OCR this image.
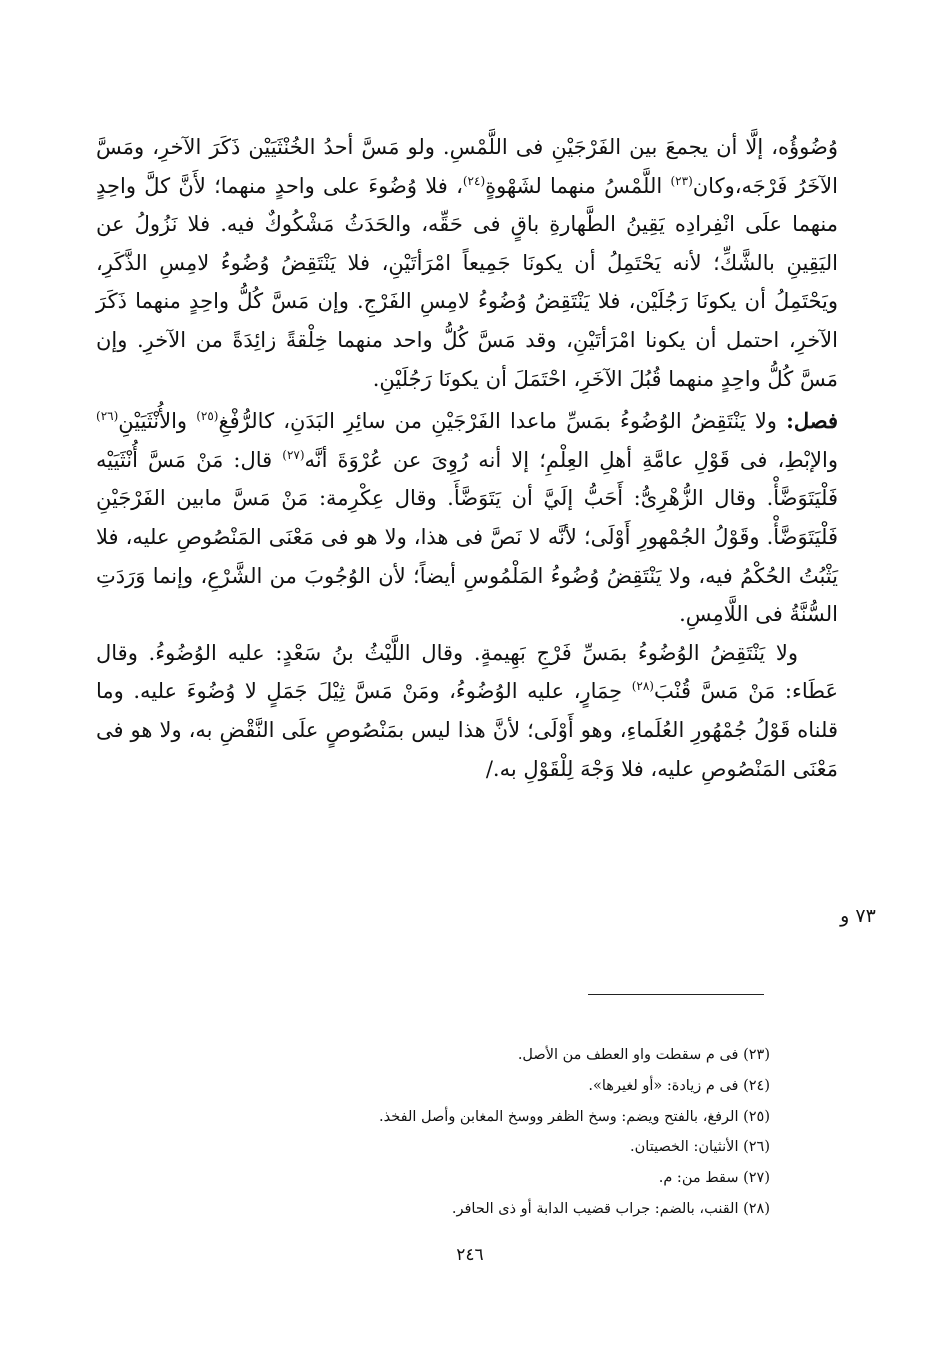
وُضُوؤُه، إلَّا أن يجمعَ بين الفَرْجَيْنِ فى اللَّمْسِ. ولو مَسَّ أحدُ الخُنْثَيَيْن ذَكَرَ الآخرِ، ومَسَّ الآخَرُ فَرْجَه،وكان$^{(٢٣)}$ اللَّمْسُ منهما لشَهْوةٍ$^{(٢٤)}$، فلا وُضُوءَ على واحدٍ منهما؛ لأَنَّ كلَّ واحِدٍ منهما علَى انْفِرادِه يَقِينُ الطَّهارةِ باقٍ فى حَقِّه، والحَدَثُ مَشْكُوكٌ فيه. فلا نَزُولُ عن اليَقِينِ بالشَّكِّ؛ لأنه يَحْتَمِلُ أن يكونَا جَمِيعاً امْرَأتَيْنِ، فلا يَنْتَقِضُ وُضُوءُ لامِسِ الذَّكَرِ، ويَحْتَمِلُ أن يكونَا رَجُلَيْن، فلا يَنْتَقِضُ وُضُوءُ لامِسِ الفَرْجِ. وإن مَسَّ كُلُّ واحِدٍ منهما ذَكَرَ الآخرِ، احتمل أن يكونا امْرَأتَيْنِ، وقد مَسَّ كُلُّ واحد منهما خِلْقةً زائِدَةً من الآخرِ. وإن مَسَّ كُلُّ واحِدٍ منهما قُبُلَ الآخَرِ، احْتَمَلَ أن يكونَا رَجُلَيْنِ.

فصل: ولا يَنْتَقِضُ الوُضُوءُ بمَسِّ ماعدا الفَرْجَيْنِ من سائِرِ البَدَنِ، كالرُّفْغِ$^{(٢٥)}$ والأُنْثَيَيْنِ$^{(٢٦)}$ والإبْطِ، فى قَوْلِ عامَّةِ أهلِ العِلْمِ؛ إلا أنه رُوِىَ عن عُرْوَةَ أنَّه$^{(٢٧)}$ قال: مَنْ مَسَّ أُنْثَيَيْه فَلْيَتَوَضَّأْ. وقال الزُّهْرِىُّ: أَحَبُّ إلَيَّ أن يَتَوَضَّأَ. وقال عِكْرِمة: مَنْ مَسَّ مابين الفَرْجَيْنِ فَلْيَتَوَضَّأْ. وقَوْلُ الجُمْهورِ أَوْلَى؛ لأنَّه لا نَصَّ فى هذا، ولا هو فى مَعْنَى المَنْصُوصِ عليه، فلا يَثْبُتُ الحُكْمُ فيه، ولا يَنْتَقِضُ وُضُوءُ المَلْمُوسِ أيضاً؛ لأن الوُجُوبَ من الشَّرْعِ، وإنما وَرَدَتِ السُّنَّةُ فى اللَّامِسِ.

ولا يَنْتَقِضُ الوُضُوءُ بمَسِّ فَرْجِ بَهِيمةٍ. وقال اللَّيْثُ بنُ سَعْدٍ: عليه الوُضُوءُ. وقال عَطَاء: مَنْ مَسَّ قُنْبَ$^{(٢٨)}$ حِمَارٍ، عليه الوُضُوءُ، ومَنْ مَسَّ ثِيْلَ جَمَلٍ لا وُضُوءَ عليه. وما قلناه قَوْلُ جُمْهُورِ العُلَماءِ، وهو أَوْلَى؛ لأنَّ هذا ليس بمَنْصُوصٍ علَى النَّقْضِ به، ولا هو فى مَعْنَى المَنْصُوصِ عليه، فلا وَجْهَ لِلْقَوْلِ به./

٧٣ و
(٢٣) فى م سقطت واو العطف من الأصل.
(٢٤) فى م زيادة: «أو لغيرها».
(٢٥) الرفغ، بالفتح ويضم: وسخ الظفر ووسخ المغابن وأصل الفخذ.
(٢٦) الأنثيان: الخصيتان.
(٢٧) سقط من: م.
(٢٨) القنب، بالضم: جراب قضيب الدابة أو ذى الحافر.
٢٤٦
